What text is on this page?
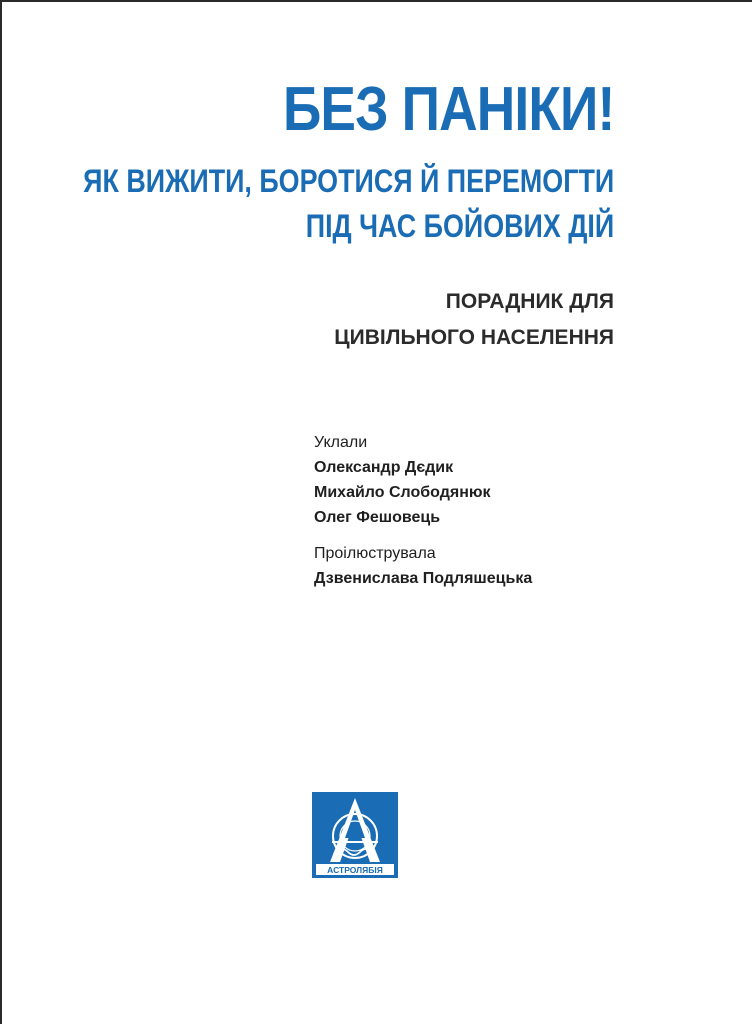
БЕЗ ПАНІКИ!
ЯК ВИЖИТИ, БОРОТИСЯ Й ПЕРЕМОГТИ
ПІД ЧАС БОЙОВИХ ДІЙ
ПОРАДНИК ДЛЯ
ЦИВІЛЬНОГО НАСЕЛЕННЯ
Уклали
Олександр Дєдик
Михайло Слободянюк
Олег Фешовець
Проілюструвала
Дзвенислава Подляшецька
АСТРОЛЯБІЯ
